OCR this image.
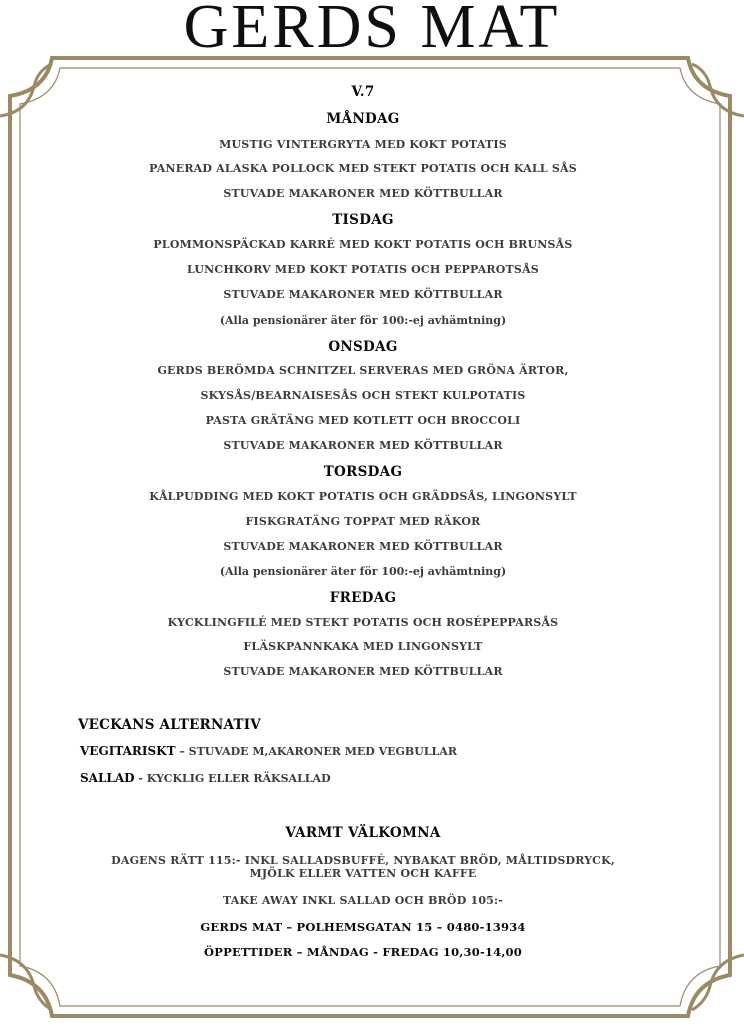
GERDS MAT
V.7
MÅNDAG
MUSTIG VINTERGRYTA MED KOKT POTATIS
PANERAD ALASKA POLLOCK MED STEKT POTATIS OCH KALL SÅS
STUVADE MAKARONER MED KÖTTBULLAR
TISDAG
PLOMMONSPÄCKAD KARRÉ MED KOKT POTATIS OCH BRUNSÅS
LUNCHKORV MED KOKT POTATIS OCH PEPPAROTSÅS
STUVADE MAKARONER MED KÖTTBULLAR
(Alla pensionärer äter för 100:-ej avhämtning)
ONSDAG
GERDS BERÖMDA SCHNITZEL SERVERAS MED GRÖNA ÄRTOR,
SKYSÅS/BEARNAISESÅS OCH STEKT KULPOTATIS
PASTA GRÄTÄNG MED KOTLETT OCH BROCCOLI
STUVADE MAKARONER MED KÖTTBULLAR
TORSDAG
KÅLPUDDING MED KOKT POTATIS OCH GRÄDDSÅS, LINGONSYLT
FISKGRATÄNG TOPPAT MED RÄKOR
STUVADE MAKARONER MED KÖTTBULLAR
(Alla pensionärer äter för 100:-ej avhämtning)
FREDAG
KYCKLINGFILÉ MED STEKT POTATIS OCH ROSÉPEPPARSÅS
FLÄSKPANNKAKA MED LINGONSYLT
STUVADE MAKARONER MED KÖTTBULLAR
VECKANS ALTERNATIV
VEGITARISKT – STUVADE M,AKARONER MED VEGBULLAR
SALLAD - KYCKLIG ELLER RÄKSALLAD
VARMT VÄLKOMNA
DAGENS RÄTT 115:- INKL SALLADSBUFFÉ, NYBAKAT BRÖD, MÅLTIDSDRYCK,
MJÖLK ELLER VATTEN OCH KAFFE
TAKE AWAY INKL SALLAD OCH BRÖD 105:-
GERDS MAT – POLHEMSGATAN 15 – 0480-13934
ÖPPETTIDER – MÅNDAG - FREDAG 10,30-14,00
